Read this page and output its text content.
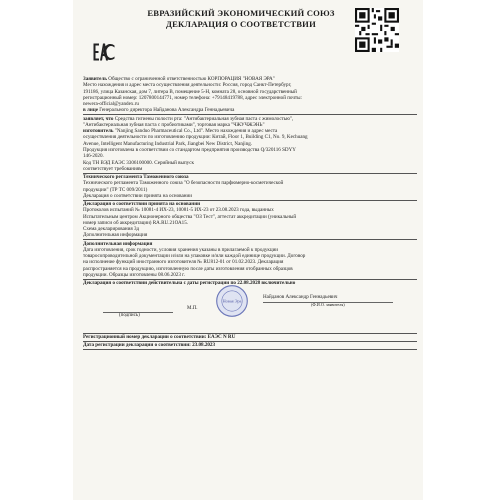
ЕВРАЗИЙСКИЙ ЭКОНОМИЧЕСКИЙ СОЮЗ
ДЕКЛАРАЦИЯ О СООТВЕТСТВИИ
Заявитель Общество с ограниченной ответственностью КОРПОРАЦИЯ "НОВАЯ ЭРА"
Место нахождения и адрес места осуществления деятельности: Россия, город Санкт-Петербург,
191186, улица Казанская, дом 7, литера В, помещение 5-Н, комната 28, основной государственный
регистрационный номер: 1207800144771, номер телефона: +79148419788, адрес электронной почты:
newera-official@yandex.ru
в лице Генерального директора Найданова Александра Геннадьевича
заявляет, что Средства гигиены полости рта: "Антибактериальная зубная паста с жимолостью",
"Антибактериальная зубная паста с пробиотиками", торговая марка "ЧЖУЧЖЭНЬ"
изготовитель "Nanjing Sanduo Pharmaceutical Co., Ltd". Место нахождения и адрес места
осуществления деятельности по изготовлению продукции: Китай, Floor 1, Building C1, No. 9, Kechuang
Avenue, Intelligent Manufacturing Industrial Park, Jiangbei New District, Nanjing.
Продукция изготовлена в соответствии со стандартом предприятия производства Q/320116 SDYY
146-2020.
Код ТН ВЭД ЕАЭС 3306100000. Серийный выпуск
соответствует требованиям
Технического регламента Таможенного союза
Технического регламента Таможенного союза "О безопасности парфюмерно-косметической
продукции" (ТР ТС 009/2011)
Декларация о соответствии принята на основании
Декларация о соответствии принята на основании
Протоколов испытаний № 10081-4 ИХ-23, 10081-5 ИХ-23 от 23.08.2023 года, выданных
Испытательным центром Акционерного общества "ОЗ Тест", аттестат аккредитации (уникальный
номер записи об аккредитации) RA.RU.21ОА15.
Схема декларирования 3д
Дополнительная информация
Дополнительная информация
Дата изготовления, срок годности, условия хранения указаны в прилагаемой к продукции
товаросопроводительной документации и/или на упаковке и/или каждой единице продукции. Договор
на исполнение функций иностранного изготовителя № RU812-01 от 01.02.2023. Декларация
распространяется на продукцию, изготовленную после даты изготовления отобранных образцов
продукции. Образцы изготовлены 08.06.2023 г.
Декларация о соответствии действительна с даты регистрации по 22.08.2028 включительно
М.П.
Новая Эра
(подпись)
Найданов Александр Геннадьевич
(Ф.И.О. заявителя)
Регистрационный номер декларации о соответствии: ЕАЭС N RU
Дата регистрации декларации о соответствии: 23.08.2023
